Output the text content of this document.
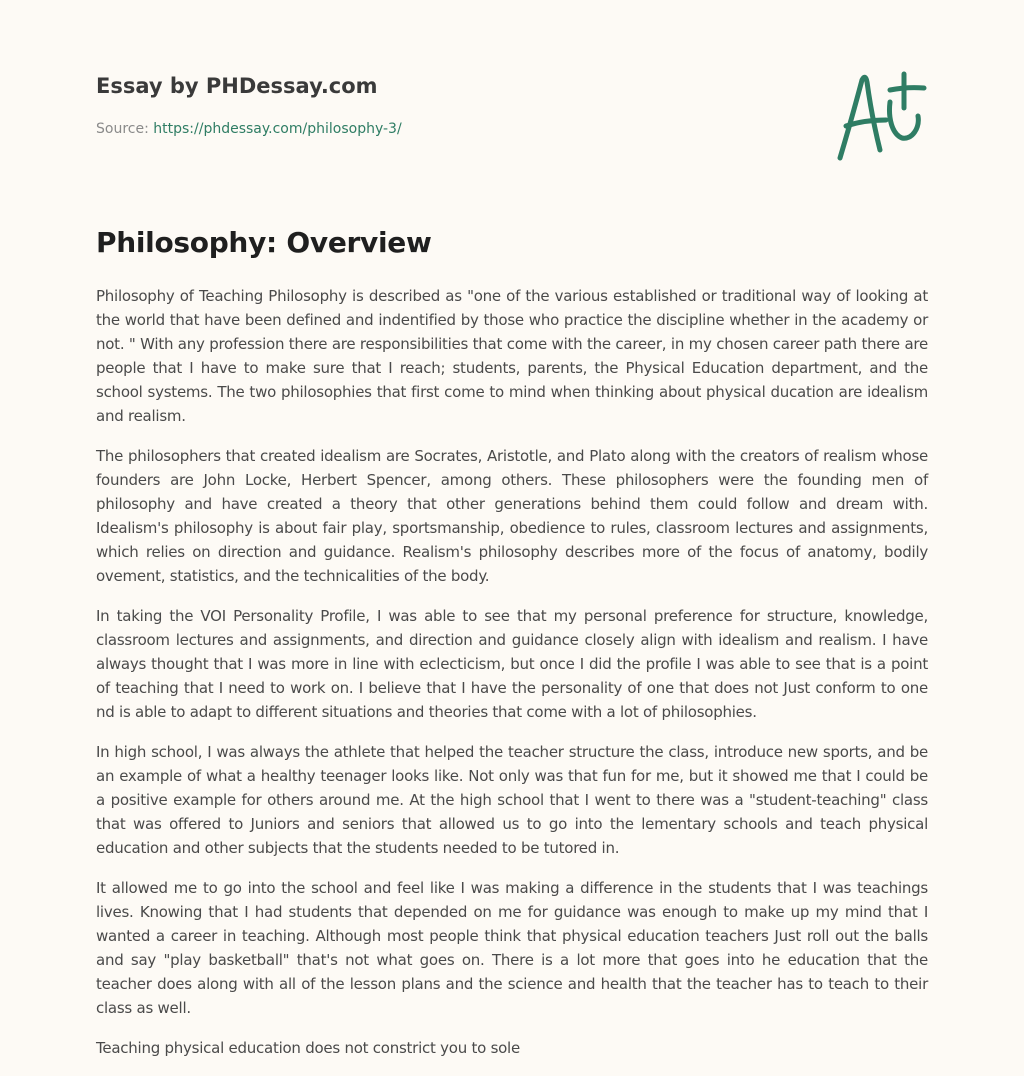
Essay by PHDessay.com
Source: https://phdessay.com/philosophy-3/
Philosophy: Overview

Philosophy of Teaching Philosophy is described as "one of the various established or traditional way of looking at the world that have been defined and indentified by those who practice the discipline whether in the academy or not. " With any profession there are responsibilities that come with the career, in my chosen career path there are people that I have to make sure that I reach; students, parents, the Physical Education department, and the school systems. The two philosophies that first come to mind when thinking about physical ducation are idealism and realism.

The philosophers that created idealism are Socrates, Aristotle, and Plato along with the creators of realism whose founders are John Locke, Herbert Spencer, among others. These philosophers were the founding men of philosophy and have created a theory that other generations behind them could follow and dream with. Idealism's philosophy is about fair play, sportsmanship, obedience to rules, classroom lectures and assignments, which relies on direction and guidance. Realism's philosophy describes more of the focus of anatomy, bodily ovement, statistics, and the technicalities of the body.

In taking the VOI Personality Profile, I was able to see that my personal preference for structure, knowledge, classroom lectures and assignments, and direction and guidance closely align with idealism and realism. I have always thought that I was more in line with eclecticism, but once I did the profile I was able to see that is a point of teaching that I need to work on. I believe that I have the personality of one that does not Just conform to one nd is able to adapt to different situations and theories that come with a lot of philosophies.

In high school, I was always the athlete that helped the teacher structure the class, introduce new sports, and be an example of what a healthy teenager looks like. Not only was that fun for me, but it showed me that I could be a positive example for others around me. At the high school that I went to there was a "student-teaching" class that was offered to Juniors and seniors that allowed us to go into the lementary schools and teach physical education and other subjects that the students needed to be tutored in.

It allowed me to go into the school and feel like I was making a difference in the students that I was teachings lives. Knowing that I had students that depended on me for guidance was enough to make up my mind that I wanted a career in teaching. Although most people think that physical education teachers Just roll out the balls and say "play basketball" that's not what goes on. There is a lot more that goes into he education that the teacher does along with all of the lesson plans and the science and health that the teacher has to teach to their class as well.

Teaching physical education does not constrict you to sole
